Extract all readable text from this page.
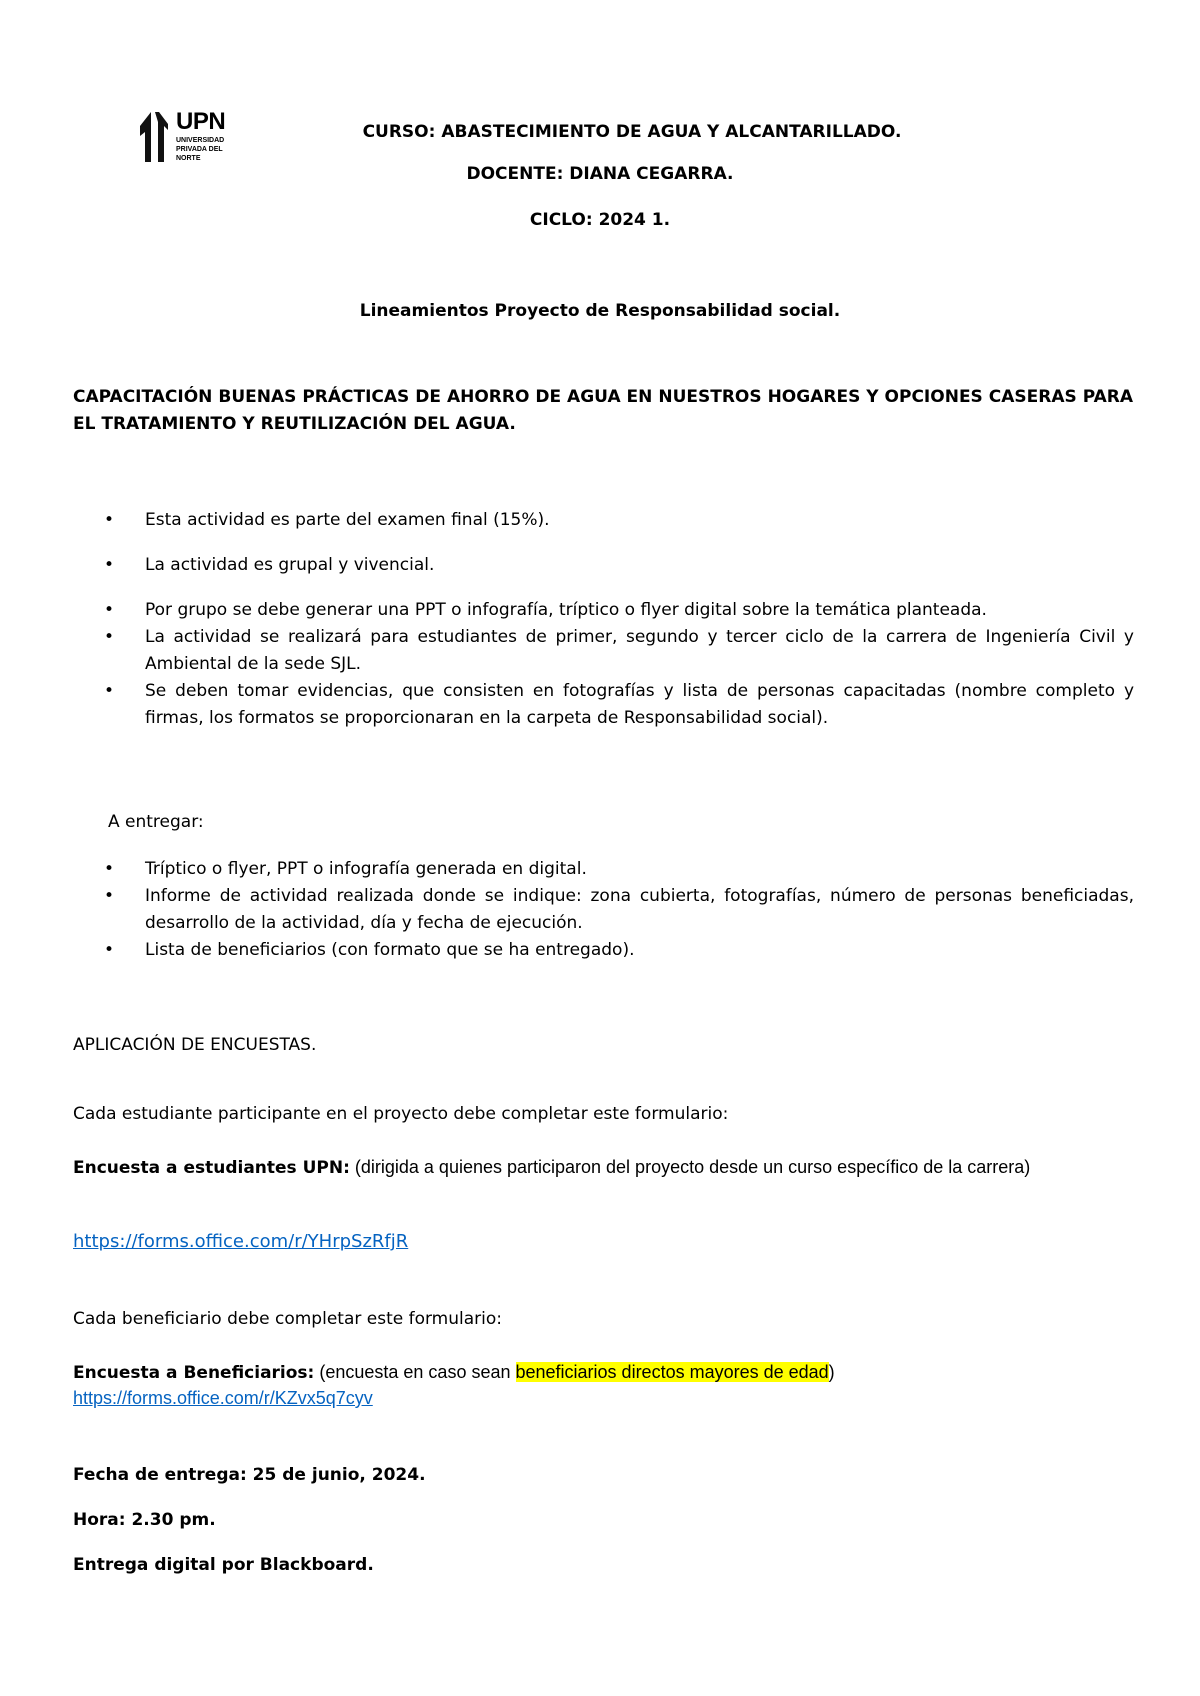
UPN
UNIVERSIDAD PRIVADA DEL NORTE
CURSO: ABASTECIMIENTO DE AGUA Y ALCANTARILLADO.
DOCENTE: DIANA CEGARRA.
CICLO: 2024 1.
Lineamientos Proyecto de Responsabilidad social.
CAPACITACIÓN BUENAS PRÁCTICAS DE AHORRO DE AGUA EN NUESTROS HOGARES Y OPCIONES CASERAS PARA EL TRATAMIENTO Y REUTILIZACIÓN DEL AGUA.
• Esta actividad es parte del examen final (15%).
• La actividad es grupal y vivencial.
• Por grupo se debe generar una PPT o infografía, tríptico o flyer digital sobre la temática planteada.
• La actividad se realizará para estudiantes de primer, segundo y tercer ciclo de la carrera de Ingeniería Civil y Ambiental de la sede SJL.
• Se deben tomar evidencias, que consisten en fotografías y lista de personas capacitadas (nombre completo y firmas, los formatos se proporcionaran en la carpeta de Responsabilidad social).
A entregar:
• Tríptico o flyer, PPT o infografía generada en digital.
• Informe de actividad realizada donde se indique: zona cubierta, fotografías, número de personas beneficiadas, desarrollo de la actividad, día y fecha de ejecución.
• Lista de beneficiarios (con formato que se ha entregado).
APLICACIÓN DE ENCUESTAS.
Cada estudiante participante en el proyecto debe completar este formulario:
Encuesta a estudiantes UPN: (dirigida a quienes participaron del proyecto desde un curso específico de la carrera)
https://forms.office.com/r/YHrpSzRfjR
Cada beneficiario debe completar este formulario:
Encuesta a Beneficiarios: (encuesta en caso sean beneficiarios directos mayores de edad)
https://forms.office.com/r/KZvx5q7cyv
Fecha de entrega: 25 de junio, 2024.
Hora: 2.30 pm.
Entrega digital por Blackboard.
